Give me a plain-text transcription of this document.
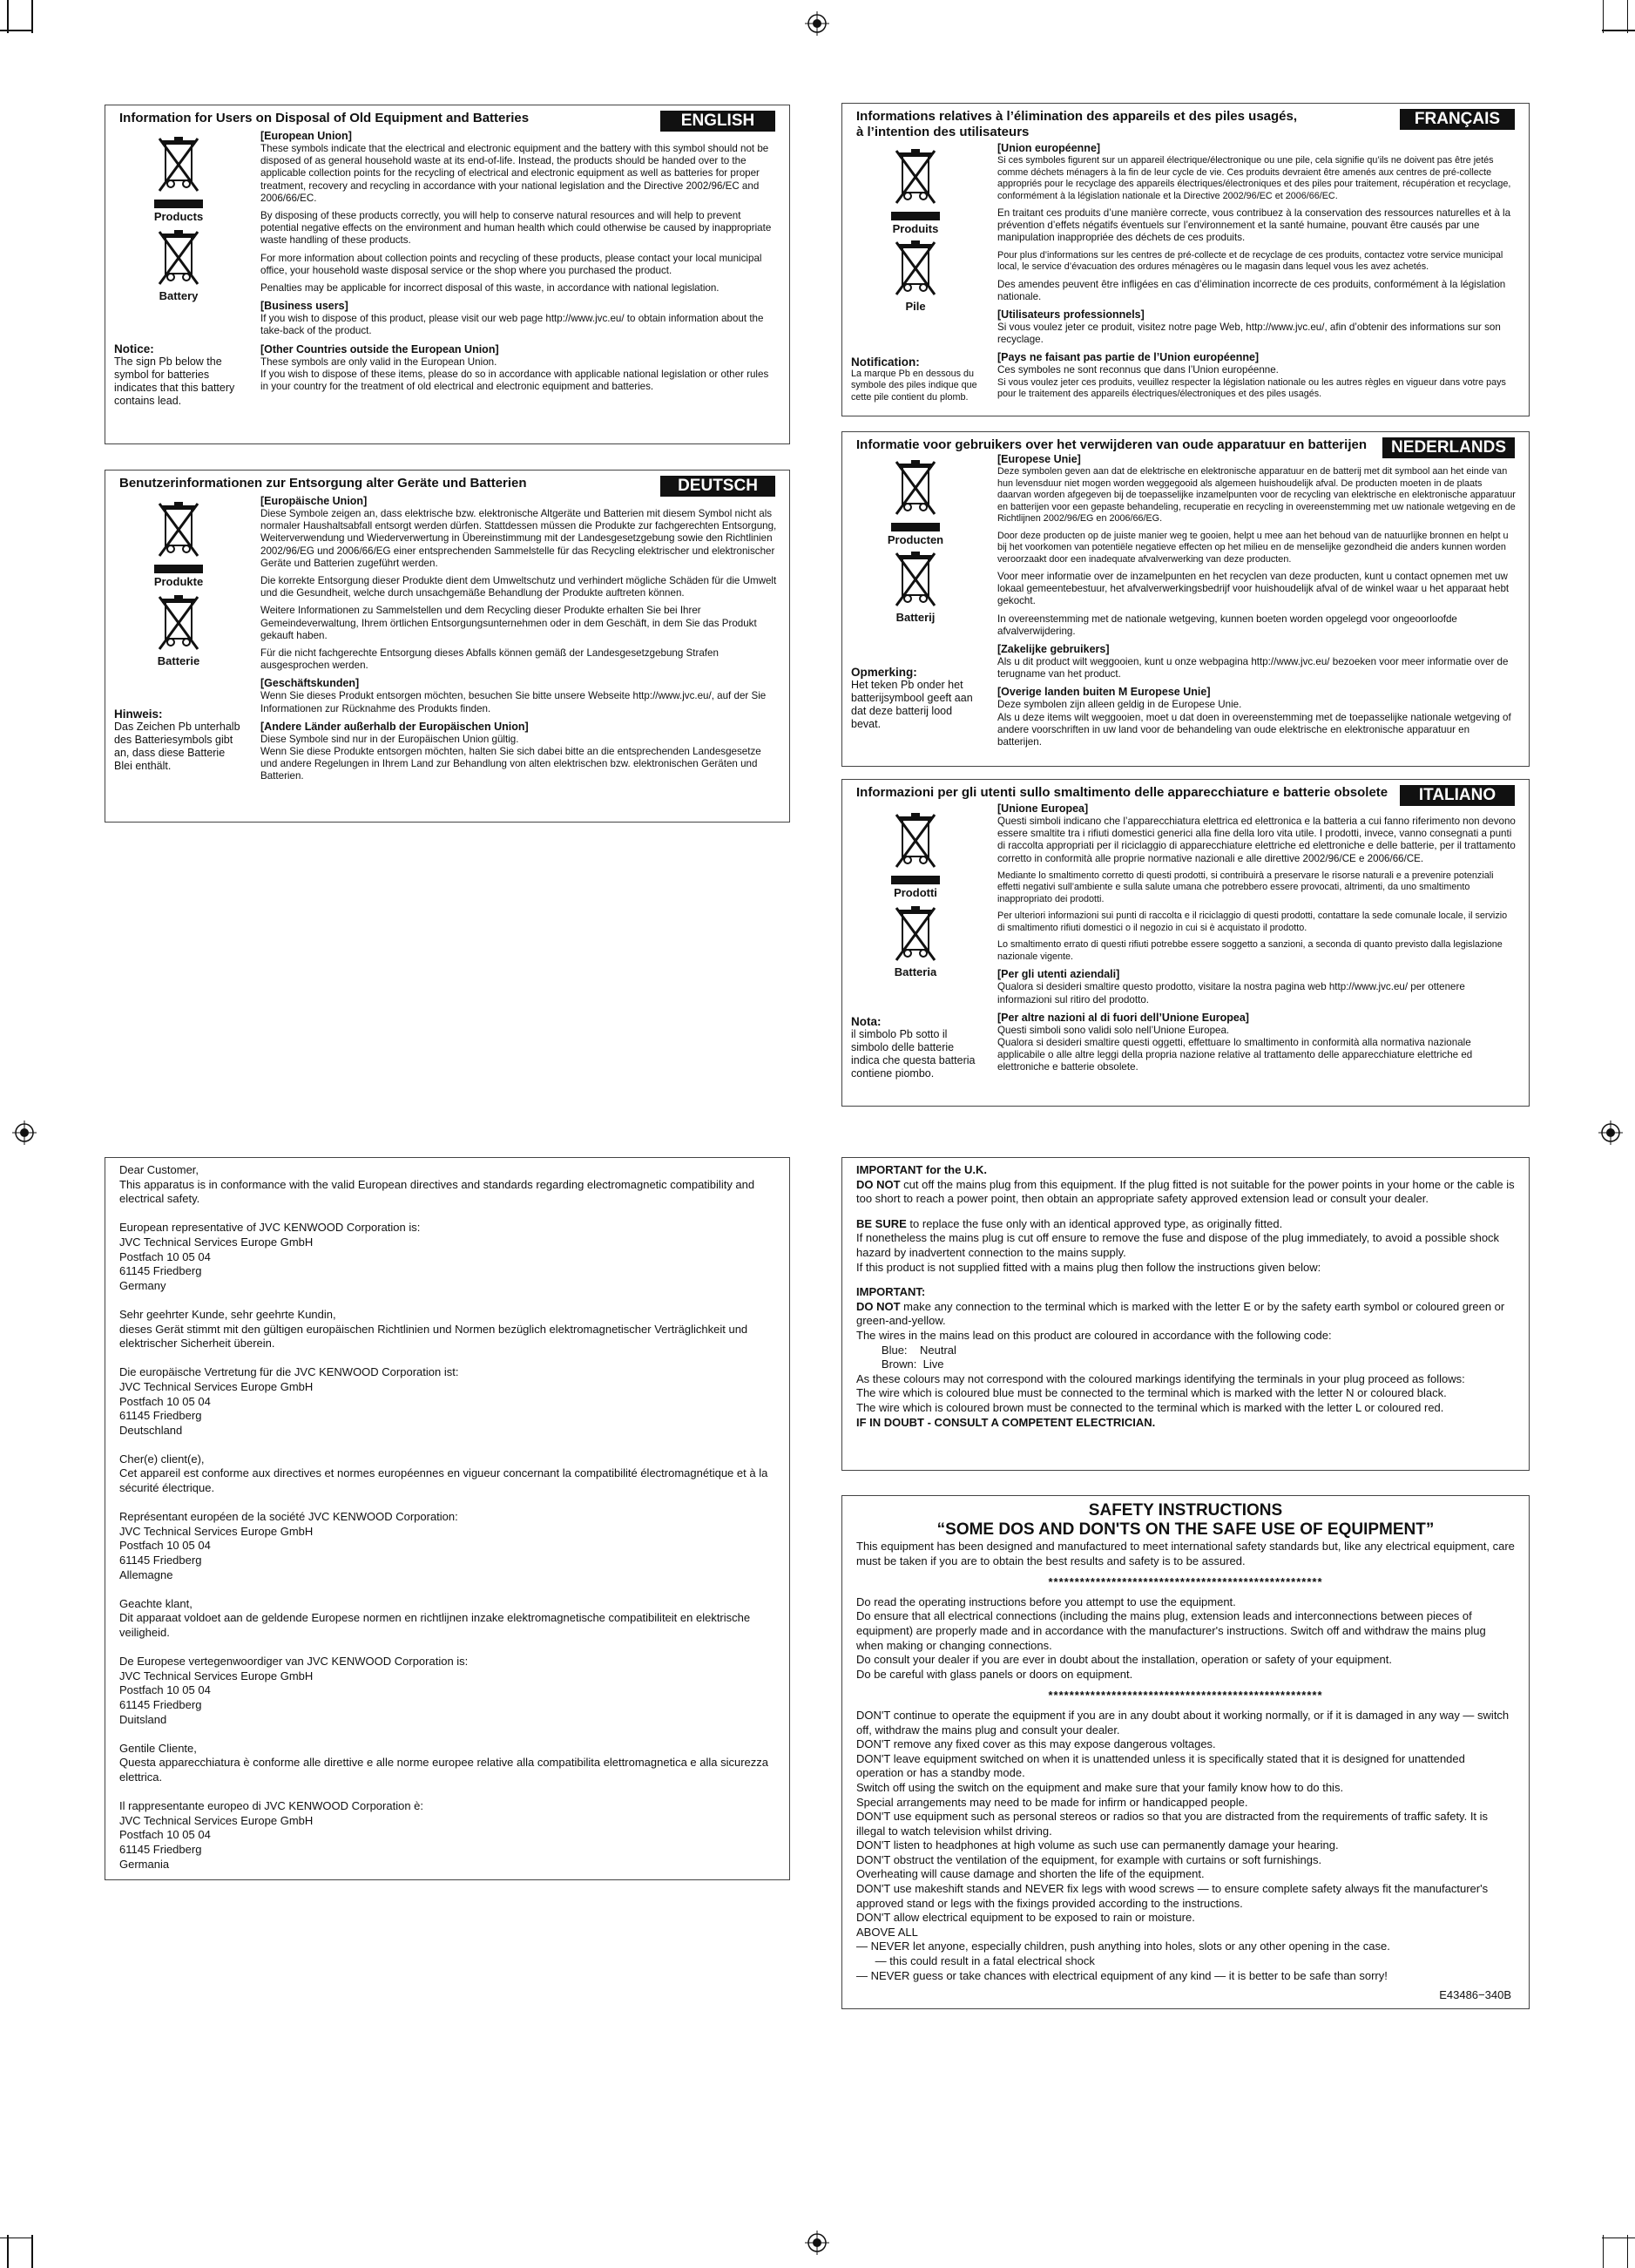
Information for Users on Disposal of Old Equipment and Batteries	ENGLISH
Products
Battery
Notice:
The sign Pb below the symbol for batteries indicates that this battery contains lead.
[European Union]

These symbols indicate that the electrical and electronic equipment and the battery with this symbol should not be disposed of as general household waste at its end-of-life. Instead, the products should be handed over to the applicable collection points for the recycling of electrical and electronic equipment as well as batteries for proper treatment, recovery and recycling in accordance with your national legislation and the Directive 2002/96/EC and 2006/66/EC.

By disposing of these products correctly, you will help to conserve natural resources and will help to prevent potential negative effects on the environment and human health which could otherwise be caused by inappropriate waste handling of these products.

For more information about collection points and recycling of these products, please contact your local municipal office, your household waste disposal service or the shop where you purchased the product.

Penalties may be applicable for incorrect disposal of this waste, in accordance with national legislation.

[Business users]

If you wish to dispose of this product, please visit our web page http://www.jvc.eu/ to obtain information about the take-back of the product.

[Other Countries outside the European Union]

These symbols are only valid in the European Union.
If you wish to dispose of these items, please do so in accordance with applicable national legislation or other rules in your country for the treatment of old electrical and electronic equipment and batteries.

Benutzerinformationen zur Entsorgung alter Geräte und Batterien	DEUTSCH
Produkte
Batterie
Hinweis:
Das Zeichen Pb unterhalb des Batteriesymbols gibt an, dass diese Batterie Blei enthält.
[Europäische Union]

Diese Symbole zeigen an, dass elektrische bzw. elektronische Altgeräte und Batterien mit diesem Symbol nicht als normaler Haushaltsabfall entsorgt werden dürfen. Stattdessen müssen die Produkte zur fachgerechten Entsorgung, Weiterverwendung und Wiederverwertung in Übereinstimmung mit der Landesgesetzgebung sowie den Richtlinien 2002/96/EG und 2006/66/EG einer entsprechenden Sammelstelle für das Recycling elektrischer und elektronischer Geräte und Batterien zugeführt werden.

Die korrekte Entsorgung dieser Produkte dient dem Umweltschutz und verhindert mögliche Schäden für die Umwelt und die Gesundheit, welche durch unsachgemäße Behandlung der Produkte auftreten können.

Weitere Informationen zu Sammelstellen und dem Recycling dieser Produkte erhalten Sie bei Ihrer Gemeindeverwaltung, Ihrem örtlichen Entsorgungsunternehmen oder in dem Geschäft, in dem Sie das Produkt gekauft haben.

Für die nicht fachgerechte Entsorgung dieses Abfalls können gemäß der Landesgesetzgebung Strafen ausgesprochen werden.

[Geschäftskunden]

Wenn Sie dieses Produkt entsorgen möchten, besuchen Sie bitte unsere Webseite http://www.jvc.eu/, auf der Sie Informationen zur Rücknahme des Produkts finden.

[Andere Länder außerhalb der Europäischen Union]

Diese Symbole sind nur in der Europäischen Union gültig.
Wenn Sie diese Produkte entsorgen möchten, halten Sie sich dabei bitte an die entsprechenden Landesgesetze und andere Regelungen in Ihrem Land zur Behandlung von alten elektrischen bzw. elektronischen Geräten und Batterien.

Informations relatives à l’élimination des appareils et des piles usagés,
à l’intention des utilisateurs
FRANÇAIS
Produits
Pile
Notification:
La marque Pb en dessous du symbole des piles indique que cette pile contient du plomb.
[Union européenne]

Si ces symboles figurent sur un appareil électrique/électronique ou une pile, cela signifie qu’ils ne doivent pas être jetés comme déchets ménagers à la fin de leur cycle de vie. Ces produits devraient être amenés aux centres de pré-collecte appropriés pour le recyclage des appareils électriques/électroniques et des piles pour traitement, récupération et recyclage, conformément à la législation nationale et la Directive 2002/96/EC et 2006/66/EC.

En traitant ces produits d’une manière correcte, vous contribuez à la conservation des ressources naturelles et à la prévention d’effets négatifs éventuels sur l’environnement et la santé humaine, pouvant être causés par une manipulation inappropriée des déchets de ces produits.

Pour plus d’informations sur les centres de pré-collecte et de recyclage de ces produits, contactez votre service municipal local, le service d’évacuation des ordures ménagères ou le magasin dans lequel vous les avez achetés.

Des amendes peuvent être infligées en cas d’élimination incorrecte de ces produits, conformément à la législation nationale.

[Utilisateurs professionnels]

Si vous voulez jeter ce produit, visitez notre page Web, http://www.jvc.eu/, afin d’obtenir des informations sur son recyclage.

[Pays ne faisant pas partie de l’Union européenne]

Ces symboles ne sont reconnus que dans l’Union européenne.

Si vous voulez jeter ces produits, veuillez respecter la législation nationale ou les autres règles en vigueur dans votre pays pour le traitement des appareils électriques/électroniques et des piles usagés.

Informatie voor gebruikers over het verwijderen van oude apparatuur en batterijen	NEDERLANDS
Producten
Batterij
Opmerking:
Het teken Pb onder het batterijsymbool geeft aan dat deze batterij lood bevat.
[Europese Unie]

Deze symbolen geven aan dat de elektrische en elektronische apparatuur en de batterij met dit symbool aan het einde van hun levensduur niet mogen worden weggegooid als algemeen huishoudelijk afval. De producten moeten in de plaats daarvan worden afgegeven bij de toepasselijke inzamelpunten voor de recycling van elektrische en elektronische apparatuur en batterijen voor een gepaste behandeling, recuperatie en recycling in overeenstemming met uw nationale wetgeving en de Richtlijnen 2002/96/EG en 2006/66/EG.

Door deze producten op de juiste manier weg te gooien, helpt u mee aan het behoud van de natuurlijke bronnen en helpt u bij het voorkomen van potentiële negatieve effecten op het milieu en de menselijke gezondheid die anders kunnen worden veroorzaakt door een inadequate afvalverwerking van deze producten.

Voor meer informatie over de inzamelpunten en het recyclen van deze producten, kunt u contact opnemen met uw lokaal gemeentebestuur, het afvalverwerkingsbedrijf voor huishoudelijk afval of de winkel waar u het apparaat hebt gekocht.

In overeenstemming met de nationale wetgeving, kunnen boeten worden opgelegd voor ongeoorloofde afvalverwijdering.

[Zakelijke gebruikers]

Als u dit product wilt weggooien, kunt u onze webpagina http://www.jvc.eu/ bezoeken voor meer informatie over de terugname van het product.

[Overige landen buiten M Europese Unie]

Deze symbolen zijn alleen geldig in de Europese Unie.
Als u deze items wilt weggooien, moet u dat doen in overeenstemming met de toepasselijke nationale wetgeving of andere voorschriften in uw land voor de behandeling van oude elektrische en elektronische apparatuur en batterijen.

Informazioni per gli utenti sullo smaltimento delle apparecchiature e batterie obsolete	ITALIANO
Prodotti
Batteria
Nota:
il simbolo Pb sotto il simbolo delle batterie indica che questa batteria contiene piombo.
[Unione Europea]

Questi simboli indicano che l’apparecchiatura elettrica ed elettronica e la batteria a cui fanno riferimento non devono essere smaltite tra i rifiuti domestici generici alla fine della loro vita utile. I prodotti, invece, vanno consegnati a punti di raccolta appropriati per il riciclaggio di apparecchiature elettriche ed elettroniche e delle batterie, per il trattamento corretto in conformità alle proprie normative nazionali e alle direttive 2002/96/CE e 2006/66/CE.

Mediante lo smaltimento corretto di questi prodotti, si contribuirà a preservare le risorse naturali e a prevenire potenziali effetti negativi sull’ambiente e sulla salute umana che potrebbero essere provocati, altrimenti, da uno smaltimento inappropriato dei prodotti.

Per ulteriori informazioni sui punti di raccolta e il riciclaggio di questi prodotti, contattare la sede comunale locale, il servizio di smaltimento rifiuti domestici o il negozio in cui si è acquistato il prodotto.

Lo smaltimento errato di questi rifiuti potrebbe essere soggetto a sanzioni, a seconda di quanto previsto dalla legislazione nazionale vigente.

[Per gli utenti aziendali]

Qualora si desideri smaltire questo prodotto, visitare la nostra pagina web http://www.jvc.eu/ per ottenere informazioni sul ritiro del prodotto.

[Per altre nazioni al di fuori dell’Unione Europea]

Questi simboli sono validi solo nell’Unione Europea.
Qualora si desideri smaltire questi oggetti, effettuare lo smaltimento in conformità alla normativa nazionale applicabile o alle altre leggi della propria nazione relative al trattamento delle apparecchiature elettriche ed elettroniche e batterie obsolete.

Dear Customer,
This apparatus is in conformance with the valid European directives and standards regarding electromagnetic compatibility and electrical safety.

European representative of JVC KENWOOD Corporation is:
JVC Technical Services Europe GmbH
Postfach 10 05 04
61145 Friedberg
Germany

Sehr geehrter Kunde, sehr geehrte Kundin,
dieses Gerät stimmt mit den gültigen europäischen Richtlinien und Normen bezüglich elektromagnetischer Verträglichkeit und elektrischer Sicherheit überein.

Die europäische Vertretung für die JVC KENWOOD Corporation ist:
JVC Technical Services Europe GmbH
Postfach 10 05 04
61145 Friedberg
Deutschland

Cher(e) client(e),
Cet appareil est conforme aux directives et normes européennes en vigueur concernant la compatibilité électromagnétique et à la sécurité électrique.

Représentant européen de la société JVC KENWOOD Corporation:
JVC Technical Services Europe GmbH
Postfach 10 05 04
61145 Friedberg
Allemagne

Geachte klant,
Dit apparaat voldoet aan de geldende Europese normen en richtlijnen inzake elektromagnetische compatibiliteit en elektrische veiligheid.

De Europese vertegenwoordiger van JVC KENWOOD Corporation is:
JVC Technical Services Europe GmbH
Postfach 10 05 04
61145 Friedberg
Duitsland

Gentile Cliente,
Questa apparecchiatura è conforme alle direttive e alle norme europee relative alla compatibilita elettromagnetica e alla sicurezza elettrica.

Il rappresentante europeo di JVC KENWOOD Corporation è:
JVC Technical Services Europe GmbH
Postfach 10 05 04
61145 Friedberg
Germania
IMPORTANT for the U.K.
DO NOT cut off the mains plug from this equipment. If the plug fitted is not suitable for the power points in your home or the cable is too short to reach a power point, then obtain an appropriate safety approved extension lead or consult your dealer.
BE SURE to replace the fuse only with an identical approved type, as originally fitted.
If nonetheless the mains plug is cut off ensure to remove the fuse and dispose of the plug immediately, to avoid a possible shock hazard by inadvertent connection to the mains supply.
If this product is not supplied fitted with a mains plug then follow the instructions given below:
IMPORTANT:
DO NOT make any connection to the terminal which is marked with the letter E or by the safety earth symbol or coloured green or green-and-yellow.
The wires in the mains lead on this product are coloured in accordance with the following code:
Blue:    Neutral
Brown:  Live
As these colours may not correspond with the coloured markings identifying the terminals in your plug proceed as follows:
The wire which is coloured blue must be connected to the terminal which is marked with the letter N or coloured black.
The wire which is coloured brown must be connected to the terminal which is marked with the letter L or coloured red.
IF IN DOUBT - CONSULT A COMPETENT ELECTRICIAN.
SAFETY INSTRUCTIONS
“SOME DOS AND DON'TS ON THE SAFE USE OF EQUIPMENT”
This equipment has been designed and manufactured to meet international safety standards but, like any electrical equipment, care must be taken if you are to obtain the best results and safety is to be assured.
****************************************************
Do read the operating instructions before you attempt to use the equipment.
Do ensure that all electrical connections (including the mains plug, extension leads and interconnections between pieces of equipment) are properly made and in accordance with the manufacturer's instructions. Switch off and withdraw the mains plug when making or changing connections.
Do consult your dealer if you are ever in doubt about the installation, operation or safety of your equipment.
Do be careful with glass panels or doors on equipment.
****************************************************
DON'T continue to operate the equipment if you are in any doubt about it working normally, or if it is damaged in any way — switch off, withdraw the mains plug and consult your dealer.
DON'T remove any fixed cover as this may expose dangerous voltages.
DON'T leave equipment switched on when it is unattended unless it is specifically stated that it is designed for unattended operation or has a standby mode.
Switch off using the switch on the equipment and make sure that your family know how to do this.
Special arrangements may need to be made for infirm or handicapped people.
DON'T use equipment such as personal stereos or radios so that you are distracted from the requirements of traffic safety. It is illegal to watch television whilst driving.
DON'T listen to headphones at high volume as such use can permanently damage your hearing.
DON'T obstruct the ventilation of the equipment, for example with curtains or soft furnishings.
Overheating will cause damage and shorten the life of the equipment.
DON'T use makeshift stands and NEVER fix legs with wood screws — to ensure complete safety always fit the manufacturer's approved stand or legs with the fixings provided according to the instructions.
DON'T allow electrical equipment to be exposed to rain or moisture.
ABOVE ALL
— NEVER let anyone, especially children, push anything into holes, slots or any other opening in the case.
— this could result in a fatal electrical shock
— NEVER guess or take chances with electrical equipment of any kind — it is better to be safe than sorry!
E43486−340B
